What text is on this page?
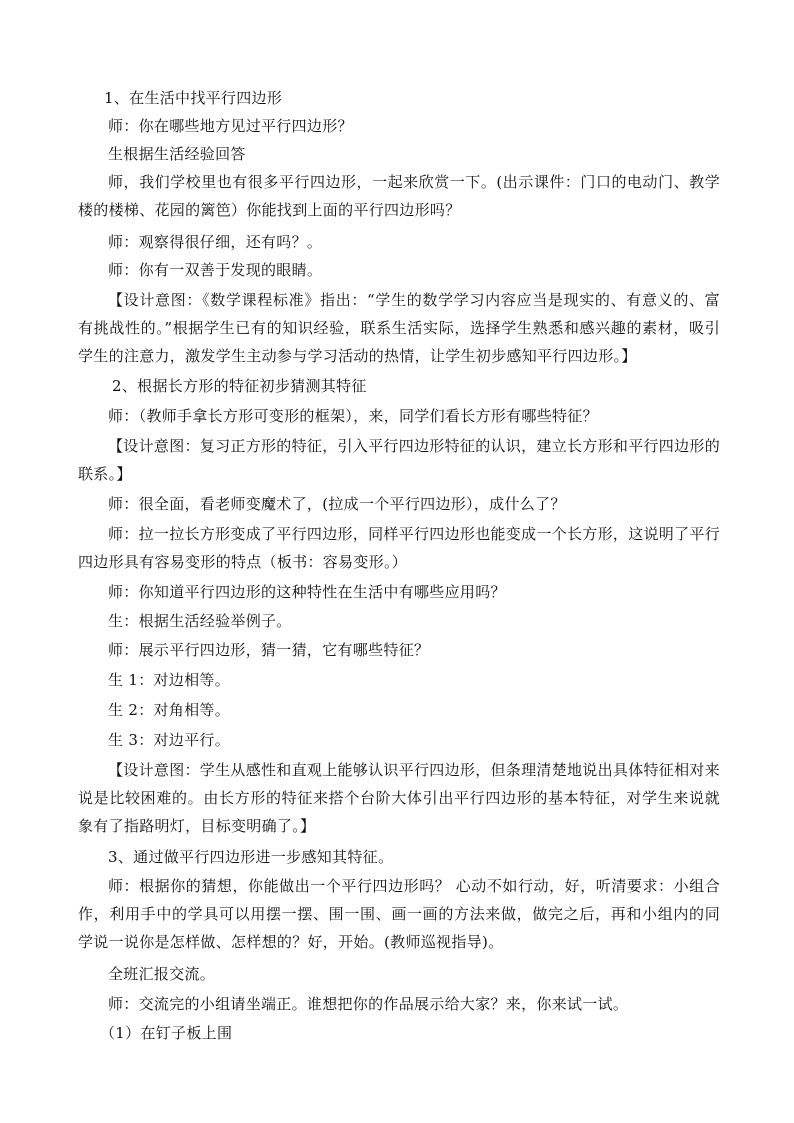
1、在生活中找平行四边形

师：你在哪些地方见过平行四边形？

生根据生活经验回答

师，我们学校里也有很多平行四边形，一起来欣赏一下。(出示课件：门口的电动门、教学楼的楼梯、花园的篱笆）你能找到上面的平行四边形吗？

师：观察得很仔细，还有吗？。

师：你有一双善于发现的眼睛。

【设计意图：《数学课程标准》指出：“学生的数学学习内容应当是现实的、有意义的、富有挑战性的。”根据学生已有的知识经验，联系生活实际，选择学生熟悉和感兴趣的素材，吸引学生的注意力，激发学生主动参与学习活动的热情，让学生初步感知平行四边形。】

2、根据长方形的特征初步猜测其特征

师：（教师手拿长方形可变形的框架），来，同学们看长方形有哪些特征？

【设计意图：复习正方形的特征，引入平行四边形特征的认识，建立长方形和平行四边形的联系。】

师：很全面，看老师变魔术了，(拉成一个平行四边形），成什么了？

师：拉一拉长方形变成了平行四边形，同样平行四边形也能变成一个长方形，这说明了平行四边形具有容易变形的特点（板书：容易变形。）

师：你知道平行四边形的这种特性在生活中有哪些应用吗？

生：根据生活经验举例子。

师：展示平行四边形，猜一猜，它有哪些特征？

生 1：对边相等。

生 2：对角相等。

生 3：对边平行。

【设计意图：学生从感性和直观上能够认识平行四边形，但条理清楚地说出具体特征相对来说是比较困难的。由长方形的特征来搭个台阶大体引出平行四边形的基本特征，对学生来说就象有了指路明灯，目标变明确了。】

3、通过做平行四边形进一步感知其特征。

师：根据你的猜想，你能做出一个平行四边形吗？ 心动不如行动，好，听清要求：小组合作，利用手中的学具可以用摆一摆、围一围、画一画的方法来做，做完之后，再和小组内的同学说一说你是怎样做、怎样想的？好，开始。(教师巡视指导)。

全班汇报交流。

师：交流完的小组请坐端正。谁想把你的作品展示给大家？来，你来试一试。

（1）在钉子板上围
